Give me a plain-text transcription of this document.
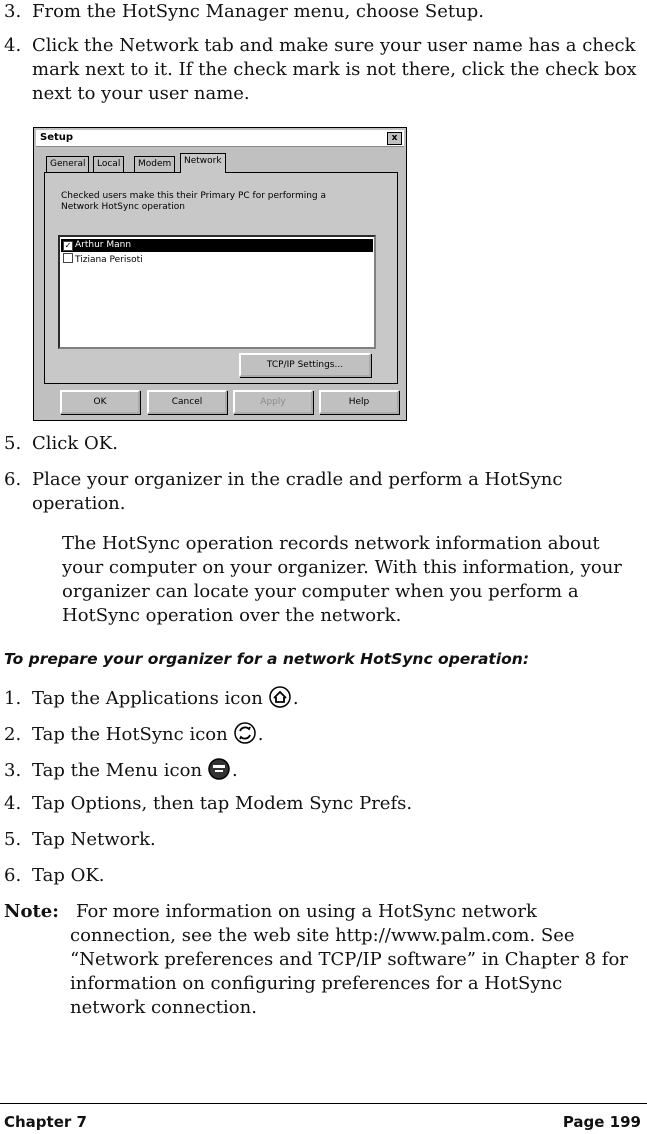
3. From the HotSync Manager menu, choose Setup.
4. Click the Network tab and make sure your user name has a check
mark next to it. If the check mark is not there, click the check box
next to your user name.
Setup	x
General	Local	Modem	Network
Checked users make this their Primary PC for performing a
Network HotSync operation
✓ Arthur Mann
Tiziana Perisoti
TCP/IP Settings...
OK	Cancel	Apply	Help
5. Click OK.
6. Place your organizer in the cradle and perform a HotSync
operation.
The HotSync operation records network information about
your computer on your organizer. With this information, your
organizer can locate your computer when you perform a
HotSync operation over the network.
To prepare your organizer for a network HotSync operation:
1. Tap the Applications icon .
2. Tap the HotSync icon .
3. Tap the Menu icon .
4. Tap Options, then tap Modem Sync Prefs.
5. Tap Network.
6. Tap OK.
Note: For more information on using a HotSync network
connection, see the web site http://www.palm.com. See
“Network preferences and TCP/IP software” in Chapter 8 for
information on configuring preferences for a HotSync
network connection.
Chapter 7	Page 199
